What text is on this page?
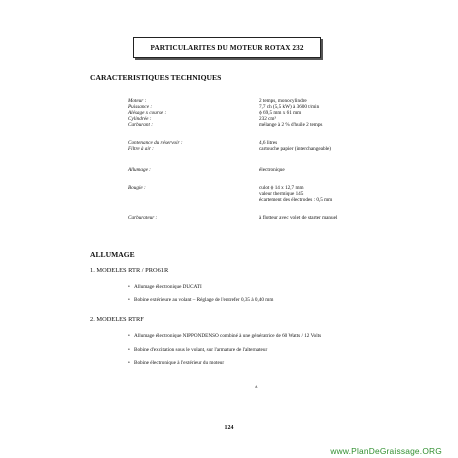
PARTICULARITES DU MOTEUR ROTAX 232
CARACTERISTIQUES TECHNIQUES
Moteur :	2 temps, monocylindre
Puissance :	7,7 ch (5,5 kW) à 3600 t/min
Alésage x course :	ϕ 69,5 mm x 61 mm
Cylindrée :	232 cm³
Carburant :	mélange à 2 % d'huile 2 temps
Contenance du réservoir :	4,6 litres
Filtre à air :	cartouche papier (interchangeable)
Allumage :	électronique
Bougie :	culot ϕ 14 x 12,7 mm
valeur thermique 145
écartement des électrodes : 0,5 mm
Carburateur :	à flotteur avec volet de starter manuel
ALLUMAGE
1. MODELES RTR / PRO61R
• Allumage électronique DUCATI
• Bobine extérieure au volant – Réglage de l'entrefer 0,35 à 0,40 mm
2. MODELES RTRF
• Allumage électronique NIPPONDENSO combiné à une génératrice de 60 Watts / 12 Volts
• Bobine d'excitation sous le volant, sur l'armature de l'alternateur
• Bobine électronique à l'extérieur du moteur
ʌ
124
www.PlanDeGraissage.ORG
